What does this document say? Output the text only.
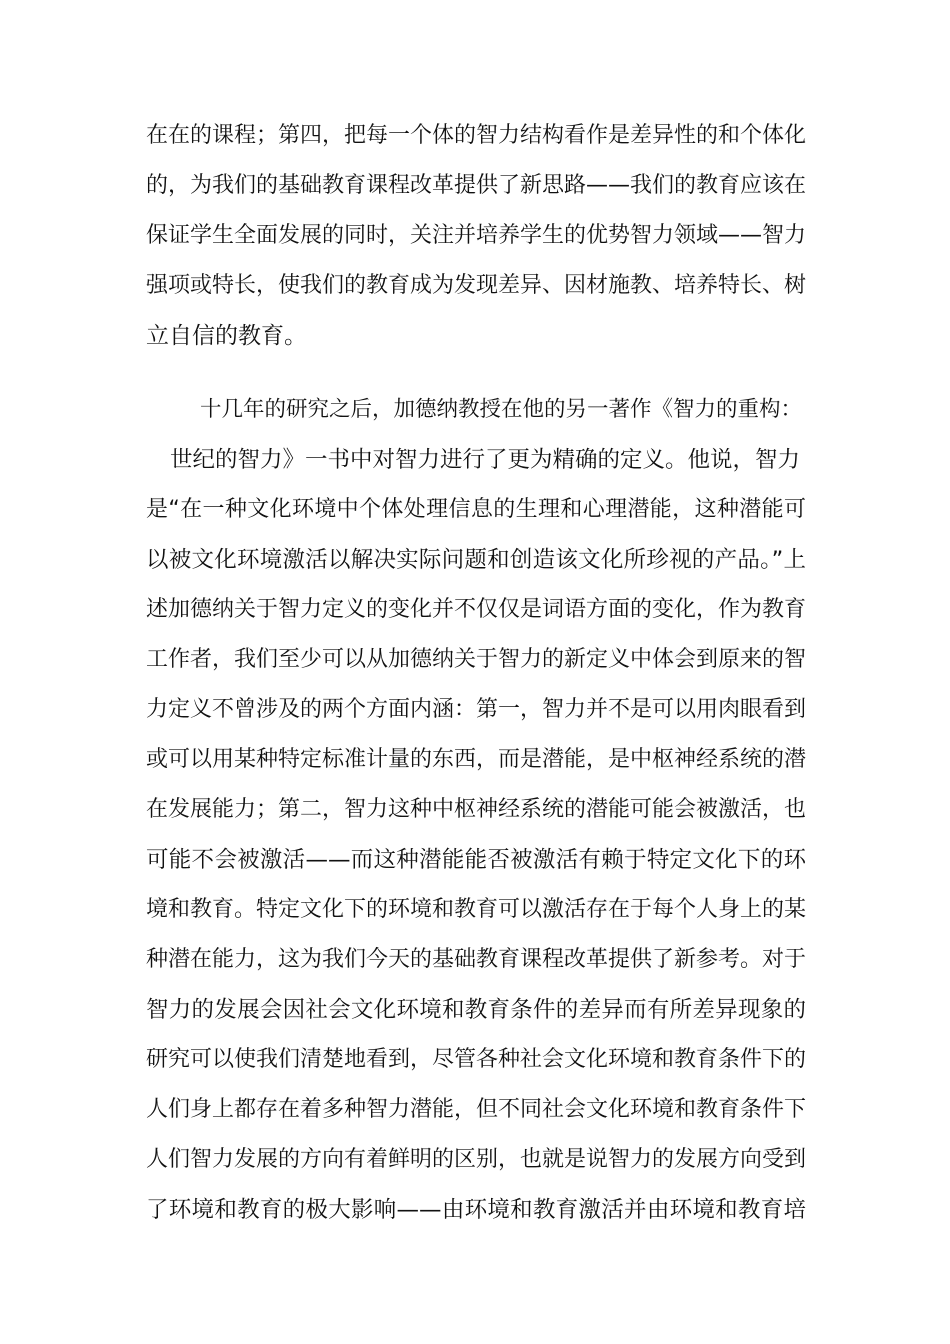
在在的课程；第四，把每一个体的智力结构看作是差异性的和个体化
的，为我们的基础教育课程改革提供了新思路——我们的教育应该在
保证学生全面发展的同时，关注并培养学生的优势智力领域——智力
强项或特长，使我们的教育成为发现差异、因材施教、培养特长、树
立自信的教育。
十几年的研究之后，加德纳教授在他的另一著作《智力的重构：
世纪的智力》一书中对智力进行了更为精确的定义。他说，智力
是“在一种文化环境中个体处理信息的生理和心理潜能，这种潜能可
以被文化环境激活以解决实际问题和创造该文化所珍视的产品。”上
述加德纳关于智力定义的变化并不仅仅是词语方面的变化，作为教育
工作者，我们至少可以从加德纳关于智力的新定义中体会到原来的智
力定义不曾涉及的两个方面内涵：第一，智力并不是可以用肉眼看到
或可以用某种特定标准计量的东西，而是潜能，是中枢神经系统的潜
在发展能力；第二，智力这种中枢神经系统的潜能可能会被激活，也
可能不会被激活——而这种潜能能否被激活有赖于特定文化下的环
境和教育。特定文化下的环境和教育可以激活存在于每个人身上的某
种潜在能力，这为我们今天的基础教育课程改革提供了新参考。对于
智力的发展会因社会文化环境和教育条件的差异而有所差异现象的
研究可以使我们清楚地看到，尽管各种社会文化环境和教育条件下的
人们身上都存在着多种智力潜能，但不同社会文化环境和教育条件下
人们智力发展的方向有着鲜明的区别，也就是说智力的发展方向受到
了环境和教育的极大影响——由环境和教育激活并由环境和教育培
